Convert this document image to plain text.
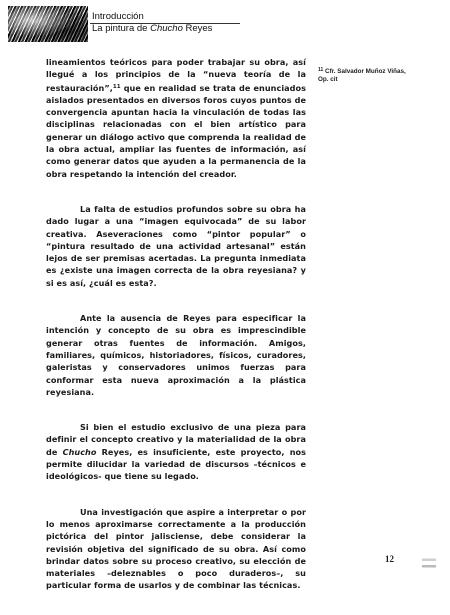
Introducción
La pintura de Chucho Reyes

lineamientos teóricos para poder trabajar su obra, así llegué a los principios de la “nueva teoría de la restauración”,$^{11}$ que en realidad se trata de enunciados aislados presentados en diversos foros cuyos puntos de convergencia apuntan hacia la vinculación de todas las disciplinas relacionadas con el bien artístico para generar un diálogo activo que comprenda la realidad de la obra actual, ampliar las fuentes de información, así como generar datos que ayuden a la permanencia de la obra respetando la intención del creador.

La falta de estudios profundos sobre su obra ha dado lugar a una “imagen equivocada” de su labor creativa. Aseveraciones como “pintor popular” o “pintura resultado de una actividad artesanal” están lejos de ser premisas acertadas. La pregunta inmediata es ¿existe una imagen correcta de la obra reyesiana? y si es así, ¿cuál es esta?.

Ante la ausencia de Reyes para especificar la intención y concepto de su obra es imprescindible generar otras fuentes de información. Amigos, familiares, químicos, historiadores, físicos, curadores, galeristas y conservadores unimos fuerzas para conformar esta nueva aproximación a la plástica reyesiana.

Si bien el estudio exclusivo de una pieza para definir el concepto creativo y la materialidad de la obra de Chucho Reyes, es insuficiente, este proyecto, nos permite dilucidar la variedad de discursos –técnicos e ideológicos- que tiene su legado.

Una investigación que aspire a interpretar o por lo menos aproximarse correctamente a la producción pictórica del pintor jalisciense, debe considerar la revisión objetiva del significado de su obra. Así como brindar datos sobre su proceso creativo, su elección de materiales –deleznables o poco duraderos–, su particular forma de usarlos y de combinar las técnicas.

$^{11}$ Cfr. Salvador Muñoz Viñas, Op. cit
12
